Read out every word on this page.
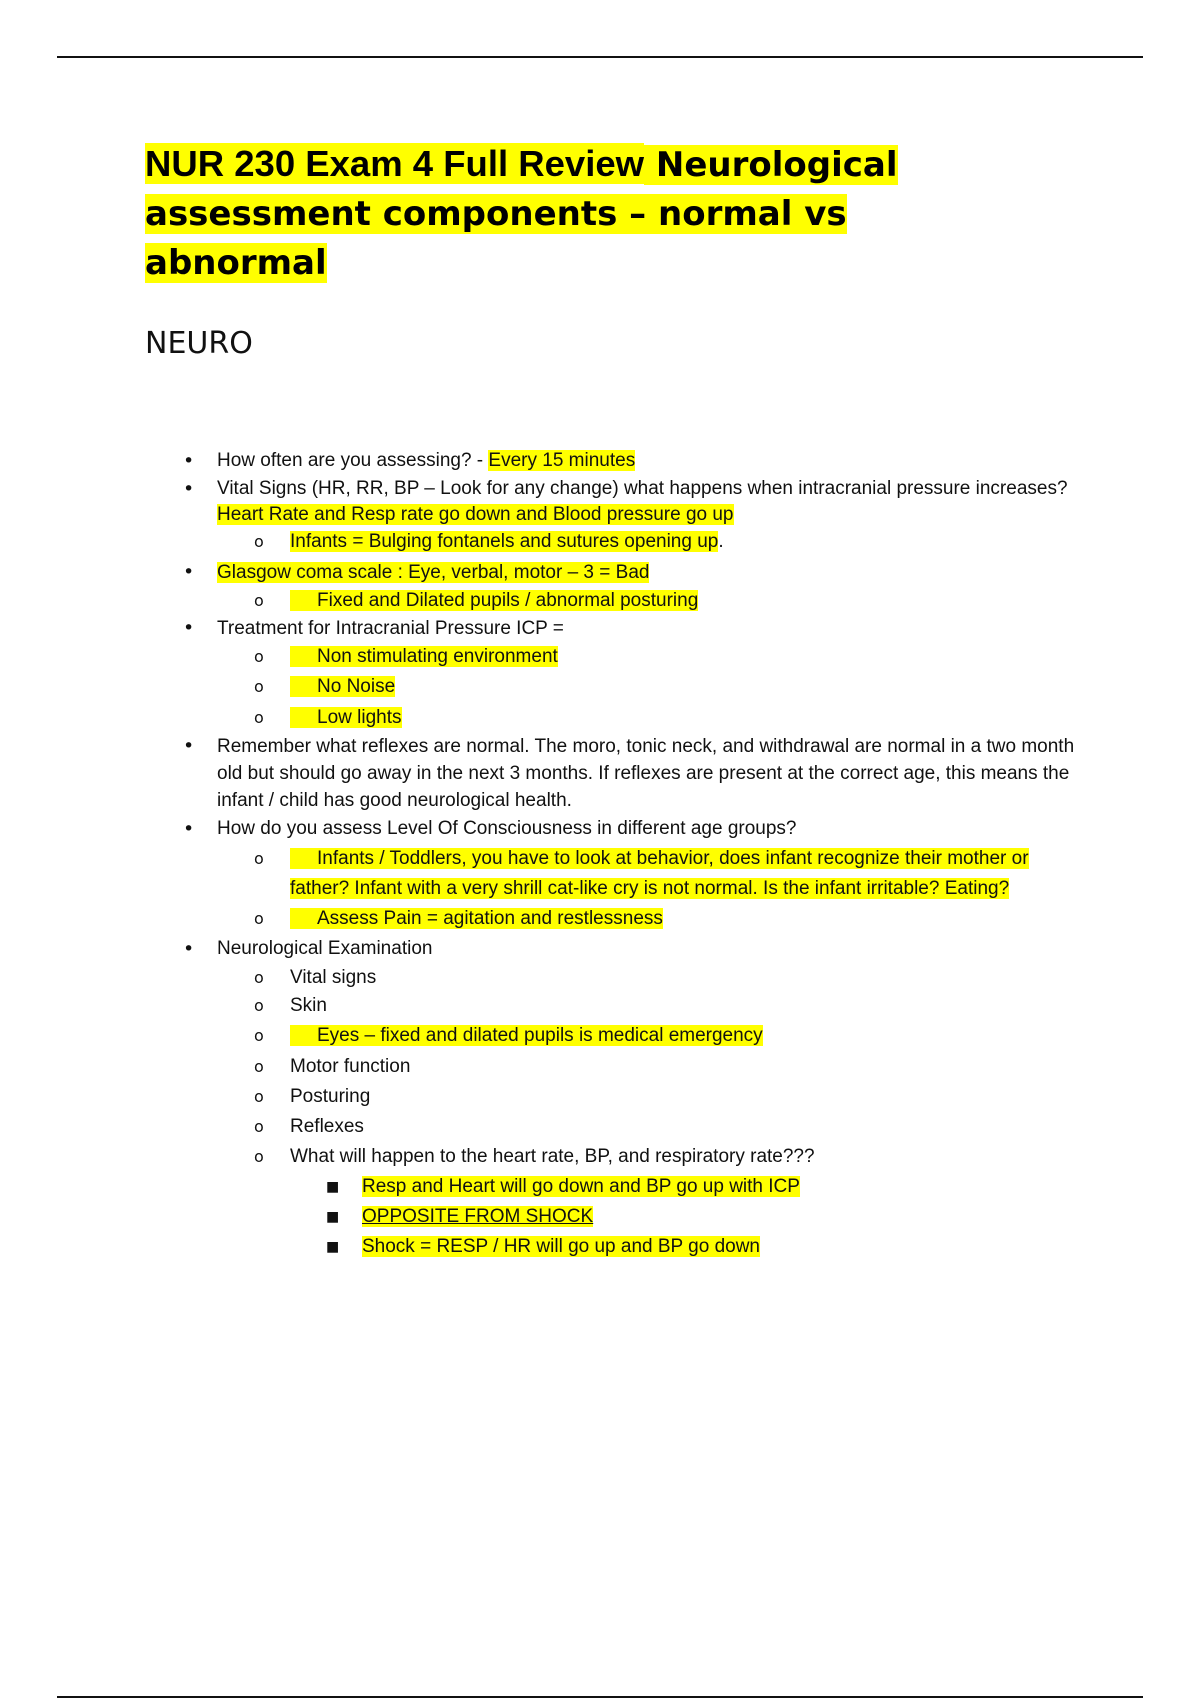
NUR 230 Exam 4 Full Review Neurological assessment components – normal vs abnormal
NEURO
• How often are you assessing? - Every 15 minutes
• Vital Signs (HR, RR, BP – Look for any change) what happens when intracranial pressure increases? Heart Rate and Resp rate go down and Blood pressure go up
o Infants = Bulging fontanels and sutures opening up.
• Glasgow coma scale : Eye, verbal, motor – 3 = Bad
o	Fixed and Dilated pupils / abnormal posturing
• Treatment for Intracranial Pressure ICP =
o	Non stimulating environment
o	No Noise
o	Low lights
• Remember what reflexes are normal. The moro, tonic neck, and withdrawal are normal in a two month old but should go away in the next 3 months. If reflexes are present at the correct age, this means the infant / child has good neurological health.
• How do you assess Level Of Consciousness in different age groups?
o	Infants / Toddlers, you have to look at behavior, does infant recognize their mother or father? Infant with a very shrill cat-like cry is not normal. Is the infant irritable? Eating?
o	Assess Pain = agitation and restlessness
• Neurological Examination
o Vital signs
o Skin
o	Eyes – fixed and dilated pupils is medical emergency
o Motor function
o Posturing
o Reflexes
o What will happen to the heart rate, BP, and respiratory rate???
■ Resp and Heart will go down and BP go up with ICP
■ OPPOSITE FROM SHOCK
■ Shock = RESP / HR will go up and BP go down
